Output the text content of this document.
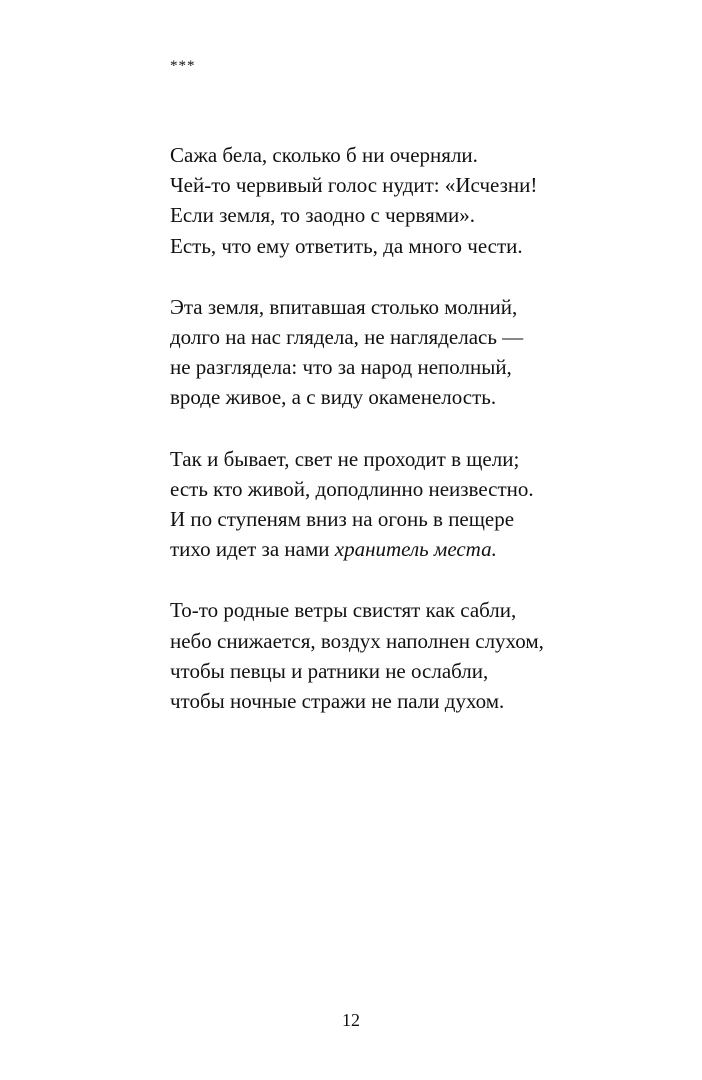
***
Сажа бела, сколько б ни очерняли.
Чей-то червивый голос нудит: «Исчезни!
Если земля, то заодно с червями».
Есть, что ему ответить, да много чести.
Эта земля, впитавшая столько молний,
долго на нас глядела, не нагляделась —
не разглядела: что за народ неполный,
вроде живое, а с виду окаменелость.
Так и бывает, свет не проходит в щели;
есть кто живой, доподлинно неизвестно.
И по ступеням вниз на огонь в пещере
тихо идет за нами хранитель места.
То-то родные ветры свистят как сабли,
небо снижается, воздух наполнен слухом,
чтобы певцы и ратники не ослабли,
чтобы ночные стражи не пали духом.
12
